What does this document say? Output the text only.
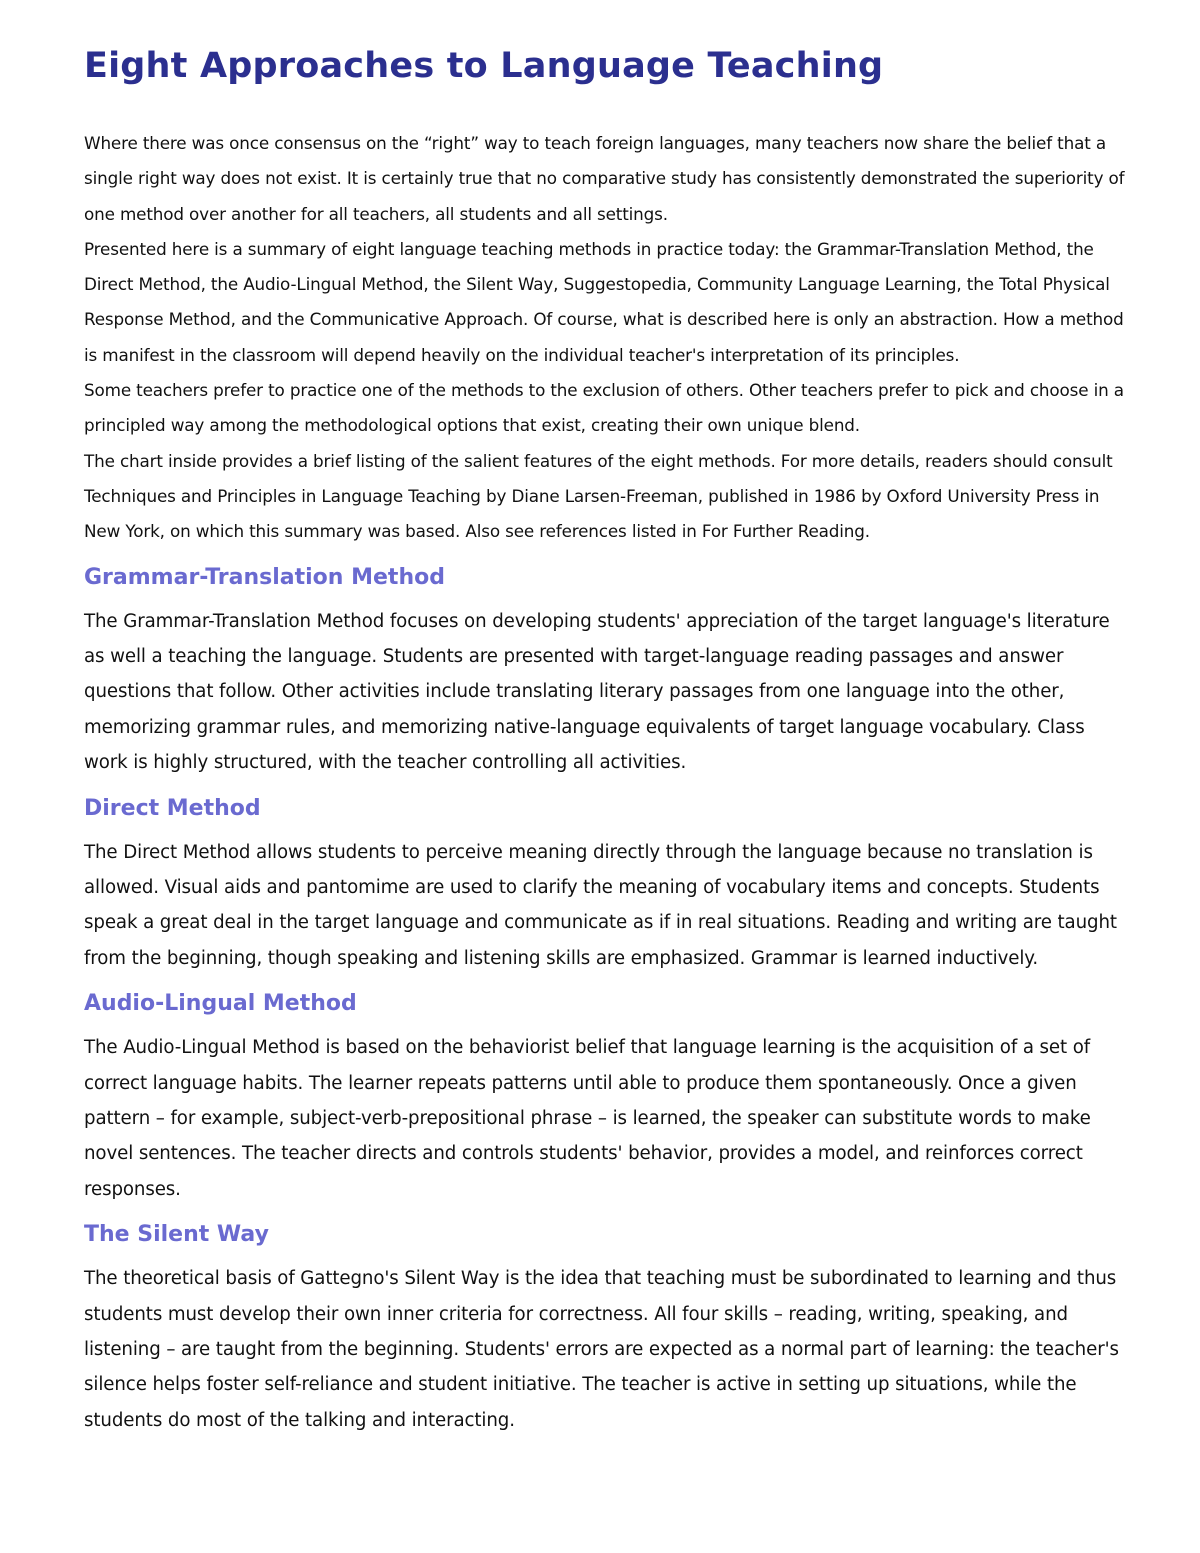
Eight Approaches to Language Teaching

Where there was once consensus on the “right” way to teach foreign languages, many teachers now share the belief that a single right way does not exist. It is certainly true that no comparative study has consistently demonstrated the superiority of one method over another for all teachers, all students and all settings.

Presented here is a summary of eight language teaching methods in practice today: the Grammar-Translation Method, the Direct Method, the Audio-Lingual Method, the Silent Way, Suggestopedia, Community Language Learning, the Total Physical Response Method, and the Communicative Approach. Of course, what is described here is only an abstraction. How a method is manifest in the classroom will depend heavily on the individual teacher's interpretation of its principles.

Some teachers prefer to practice one of the methods to the exclusion of others. Other teachers prefer to pick and choose in a principled way among the methodological options that exist, creating their own unique blend.

The chart inside provides a brief listing of the salient features of the eight methods. For more details, readers should consult Techniques and Principles in Language Teaching by Diane Larsen-Freeman, published in 1986 by Oxford University Press in New York, on which this summary was based. Also see references listed in For Further Reading.

Grammar-Translation Method

The Grammar-Translation Method focuses on developing students' appreciation of the target language's literature as well a teaching the language. Students are presented with target-language reading passages and answer questions that follow. Other activities include translating literary passages from one language into the other, memorizing grammar rules, and memorizing native-language equivalents of target language vocabulary. Class work is highly structured, with the teacher controlling all activities.

Direct Method

The Direct Method allows students to perceive meaning directly through the language because no translation is allowed. Visual aids and pantomime are used to clarify the meaning of vocabulary items and concepts. Students speak a great deal in the target language and communicate as if in real situations. Reading and writing are taught from the beginning, though speaking and listening skills are emphasized. Grammar is learned inductively.

Audio-Lingual Method

The Audio-Lingual Method is based on the behaviorist belief that language learning is the acquisition of a set of correct language habits. The learner repeats patterns until able to produce them spontaneously. Once a given pattern – for example, subject-verb-prepositional phrase – is learned, the speaker can substitute words to make novel sentences. The teacher directs and controls students' behavior, provides a model, and reinforces correct responses.

The Silent Way

The theoretical basis of Gattegno's Silent Way is the idea that teaching must be subordinated to learning and thus students must develop their own inner criteria for correctness. All four skills – reading, writing, speaking, and listening – are taught from the beginning. Students' errors are expected as a normal part of learning: the teacher's silence helps foster self-reliance and student initiative. The teacher is active in setting up situations, while the students do most of the talking and interacting.
